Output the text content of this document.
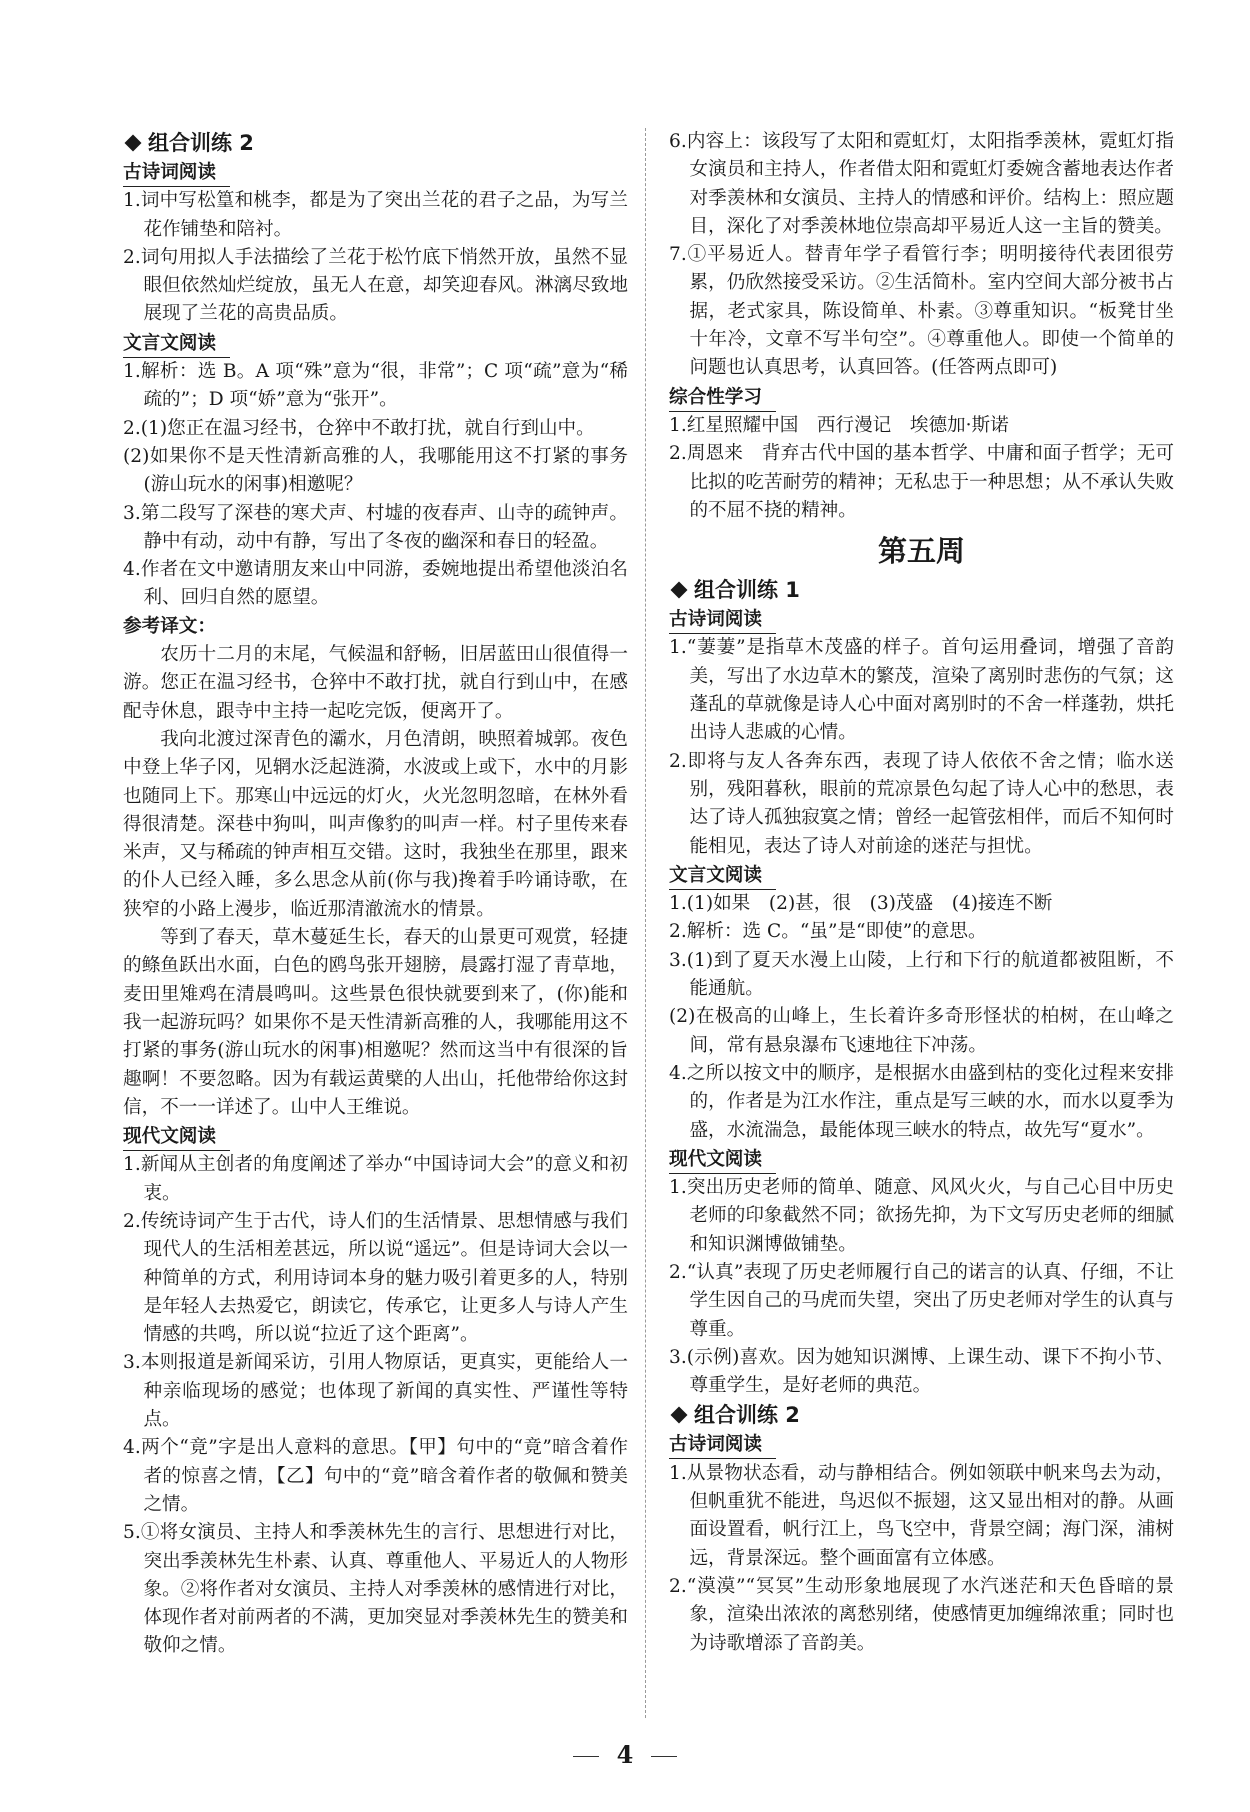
组合训练 2

古诗词阅读

1.词中写松篁和桃李，都是为了突出兰花的君子之品，为写兰花作铺垫和陪衬。

2.词句用拟人手法描绘了兰花于松竹底下悄然开放，虽然不显眼但依然灿烂绽放，虽无人在意，却笑迎春风。淋漓尽致地展现了兰花的高贵品质。

文言文阅读

1.解析：选 B。A 项“殊”意为“很，非常”；C 项“疏”意为“稀疏的”；D 项“娇”意为“张开”。

2.(1)您正在温习经书，仓猝中不敢打扰，就自行到山中。

(2)如果你不是天性清新高雅的人，我哪能用这不打紧的事务(游山玩水的闲事)相邀呢？

3.第二段写了深巷的寒犬声、村墟的夜春声、山寺的疏钟声。静中有动，动中有静，写出了冬夜的幽深和春日的轻盈。

4.作者在文中邀请朋友来山中同游，委婉地提出希望他淡泊名利、回归自然的愿望。

参考译文：

农历十二月的末尾，气候温和舒畅，旧居蓝田山很值得一游。您正在温习经书，仓猝中不敢打扰，就自行到山中，在感配寺休息，跟寺中主持一起吃完饭，便离开了。

我向北渡过深青色的灞水，月色清朗，映照着城郭。夜色中登上华子冈，见辋水泛起涟漪，水波或上或下，水中的月影也随同上下。那寒山中远远的灯火，火光忽明忽暗，在林外看得很清楚。深巷中狗叫，叫声像豹的叫声一样。村子里传来春米声，又与稀疏的钟声相互交错。这时，我独坐在那里，跟来的仆人已经入睡，多么思念从前(你与我)搀着手吟诵诗歌，在狭窄的小路上漫步，临近那清澈流水的情景。

等到了春天，草木蔓延生长，春天的山景更可观赏，轻捷的鲦鱼跃出水面，白色的鸥鸟张开翅膀，晨露打湿了青草地，麦田里雉鸡在清晨鸣叫。这些景色很快就要到来了，(你)能和我一起游玩吗？如果你不是天性清新高雅的人，我哪能用这不打紧的事务(游山玩水的闲事)相邀呢？然而这当中有很深的旨趣啊！不要忽略。因为有载运黄檗的人出山，托他带给你这封信，不一一详述了。山中人王维说。

现代文阅读

1.新闻从主创者的角度阐述了举办“中国诗词大会”的意义和初衷。

2.传统诗词产生于古代，诗人们的生活情景、思想情感与我们现代人的生活相差甚远，所以说“遥远”。但是诗词大会以一种简单的方式，利用诗词本身的魅力吸引着更多的人，特别是年轻人去热爱它，朗读它，传承它，让更多人与诗人产生情感的共鸣，所以说“拉近了这个距离”。

3.本则报道是新闻采访，引用人物原话，更真实，更能给人一种亲临现场的感觉；也体现了新闻的真实性、严谨性等特点。

4.两个“竟”字是出人意料的意思。【甲】句中的“竟”暗含着作者的惊喜之情，【乙】句中的“竟”暗含着作者的敬佩和赞美之情。

5.①将女演员、主持人和季羡林先生的言行、思想进行对比，突出季羡林先生朴素、认真、尊重他人、平易近人的人物形象。②将作者对女演员、主持人对季羡林的感情进行对比，体现作者对前两者的不满，更加突显对季羡林先生的赞美和敬仰之情。

6.内容上：该段写了太阳和霓虹灯，太阳指季羡林，霓虹灯指女演员和主持人，作者借太阳和霓虹灯委婉含蓄地表达作者对季羡林和女演员、主持人的情感和评价。结构上：照应题目，深化了对季羡林地位崇高却平易近人这一主旨的赞美。

7.①平易近人。替青年学子看管行李；明明接待代表团很劳累，仍欣然接受采访。②生活简朴。室内空间大部分被书占据，老式家具，陈设简单、朴素。③尊重知识。“板凳甘坐十年冷，文章不写半句空”。④尊重他人。即使一个简单的问题也认真思考，认真回答。(任答两点即可)

综合性学习

1.红星照耀中国　西行漫记　埃德加·斯诺

2.周恩来　背弃古代中国的基本哲学、中庸和面子哲学；无可比拟的吃苦耐劳的精神；无私忠于一种思想；从不承认失败的不屈不挠的精神。

第五周

组合训练 1

古诗词阅读

1.“萋萋”是指草木茂盛的样子。首句运用叠词，增强了音韵美，写出了水边草木的繁茂，渲染了离别时悲伤的气氛；这蓬乱的草就像是诗人心中面对离别时的不舍一样蓬勃，烘托出诗人悲戚的心情。

2.即将与友人各奔东西，表现了诗人依依不舍之情；临水送别，残阳暮秋，眼前的荒凉景色勾起了诗人心中的愁思，表达了诗人孤独寂寞之情；曾经一起管弦相伴，而后不知何时能相见，表达了诗人对前途的迷茫与担忧。

文言文阅读

1.(1)如果　(2)甚，很　(3)茂盛　(4)接连不断

2.解析：选 C。“虽”是“即使”的意思。

3.(1)到了夏天水漫上山陵，上行和下行的航道都被阻断，不能通航。

(2)在极高的山峰上，生长着许多奇形怪状的柏树，在山峰之间，常有悬泉瀑布飞速地往下冲荡。

4.之所以按文中的顺序，是根据水由盛到枯的变化过程来安排的，作者是为江水作注，重点是写三峡的水，而水以夏季为盛，水流湍急，最能体现三峡水的特点，故先写“夏水”。

现代文阅读

1.突出历史老师的简单、随意、风风火火，与自己心目中历史老师的印象截然不同；欲扬先抑，为下文写历史老师的细腻和知识渊博做铺垫。

2.“认真”表现了历史老师履行自己的诺言的认真、仔细，不让学生因自己的马虎而失望，突出了历史老师对学生的认真与尊重。

3.(示例)喜欢。因为她知识渊博、上课生动、课下不拘小节、尊重学生，是好老师的典范。

组合训练 2

古诗词阅读

1.从景物状态看，动与静相结合。例如领联中帆来鸟去为动，但帆重犹不能进，鸟迟似不振翅，这又显出相对的静。从画面设置看，帆行江上，鸟飞空中，背景空阔；海门深，浦树远，背景深远。整个画面富有立体感。

2.“漠漠”“冥冥”生动形象地展现了水汽迷茫和天色昏暗的景象，渲染出浓浓的离愁别绪，使感情更加缠绵浓重；同时也为诗歌增添了音韵美。

4
